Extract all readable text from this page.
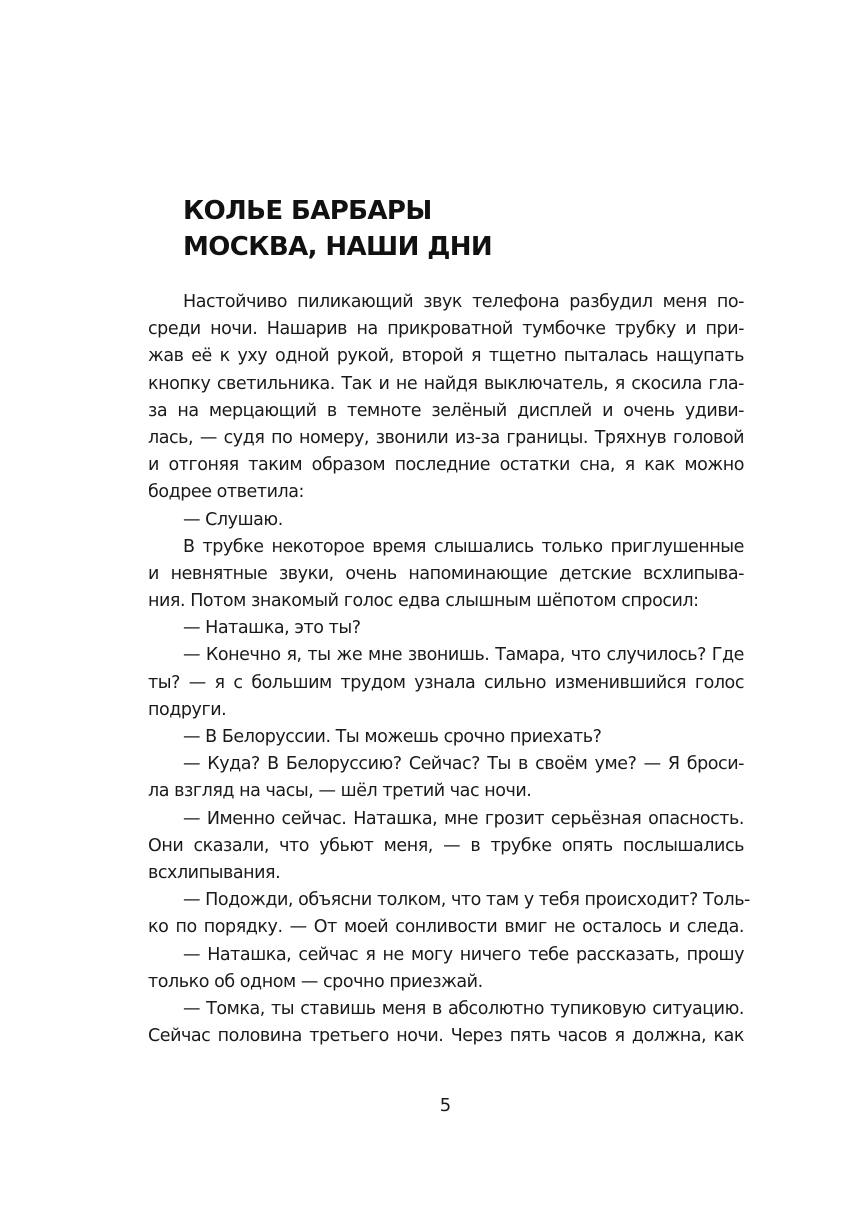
КОЛЬЕ БАРБАРЫ
МОСКВА, НАШИ ДНИ
Настойчиво пиликающий звук телефона разбудил меня по-
среди ночи. Нашарив на прикроватной тумбочке трубку и при-
жав её к уху одной рукой, второй я тщетно пыталась нащупать
кнопку светильника. Так и не найдя выключатель, я скосила гла-
за на мерцающий в темноте зелёный дисплей и очень удиви-
лась, — судя по номеру, звонили из-за границы. Тряхнув головой
и отгоняя таким образом последние остатки сна, я как можно
бодрее ответила:
— Слушаю.
В трубке некоторое время слышались только приглушенные
и невнятные звуки, очень напоминающие детские всхлипыва-
ния. Потом знакомый голос едва слышным шёпотом спросил:
— Наташка, это ты?
— Конечно я, ты же мне звонишь. Тамара, что случилось? Где
ты? — я с большим трудом узнала сильно изменившийся голос
подруги.
— В Белоруссии. Ты можешь срочно приехать?
— Куда? В Белоруссию? Сейчас? Ты в своём уме? — Я броси-
ла взгляд на часы, — шёл третий час ночи.
— Именно сейчас. Наташка, мне грозит серьёзная опасность.
Они сказали, что убьют меня, — в трубке опять послышались
всхлипывания.
— Подожди, объясни толком, что там у тебя происходит? Толь-
ко по порядку. — От моей сонливости вмиг не осталось и следа.
— Наташка, сейчас я не могу ничего тебе рассказать, прошу
только об одном — срочно приезжай.
— Томка, ты ставишь меня в абсолютно тупиковую ситуацию.
Сейчас половина третьего ночи. Через пять часов я должна, как
5
